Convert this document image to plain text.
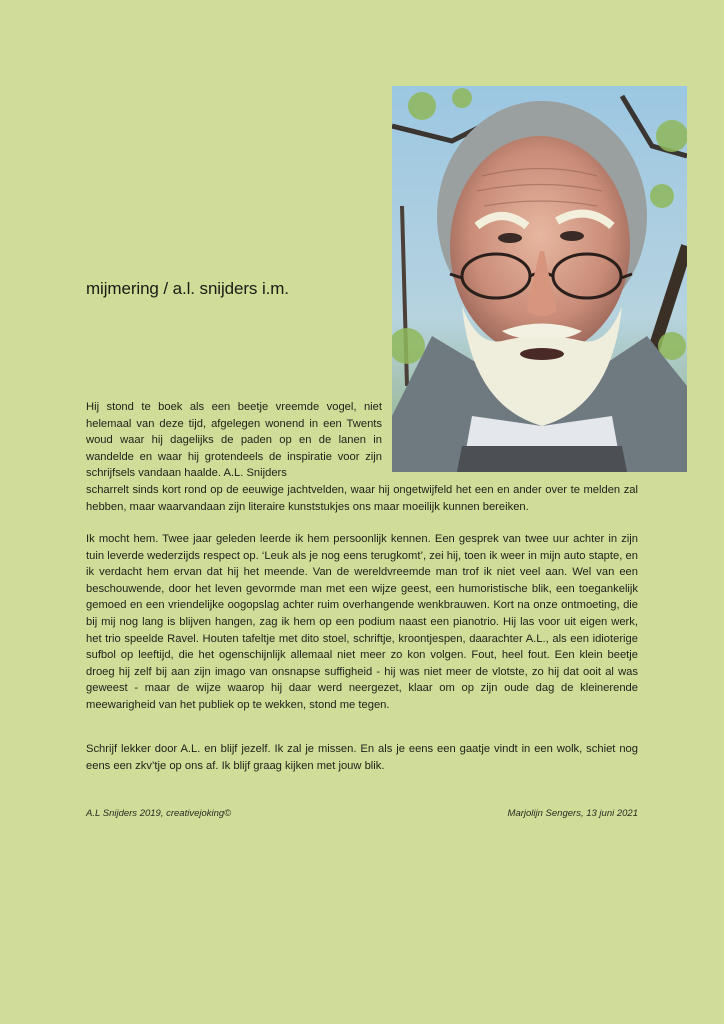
mijmering / a.l. snijders i.m.

Hij stond te boek als een beetje vreemde vogel, niet helemaal van deze tijd, afgelegen wonend in een Twents woud waar hij dagelijks de paden op en de lanen in wandelde en waar hij grotendeels de inspiratie voor zijn schrijfsels vandaan haalde. A.L. Snijders

scharrelt sinds kort rond op de eeuwige jachtvelden, waar hij ongetwijfeld het een en ander over te melden zal hebben, maar waarvandaan zijn literaire kunststukjes ons maar moeilijk kunnen bereiken.

Ik mocht hem. Twee jaar geleden leerde ik hem persoonlijk kennen. Een gesprek van twee uur achter in zijn tuin leverde wederzijds respect op. ‘Leuk als je nog eens terugkomt’, zei hij, toen ik weer in mijn auto stapte, en ik verdacht hem ervan dat hij het meende. Van de wereldvreemde man trof ik niet veel aan. Wel van een beschouwende, door het leven gevormde man met een wijze geest, een humoristische blik, een toegankelijk gemoed en een vriendelijke oogopslag achter ruim overhangende wenkbrauwen. Kort na onze ontmoeting, die bij mij nog lang is blijven hangen, zag ik hem op een podium naast een pianotrio. Hij las voor uit eigen werk, het trio speelde Ravel. Houten tafeltje met dito stoel, schriftje, kroontjespen, daarachter A.L., als een idioterige sufbol op leeftijd, die het ogenschijnlijk allemaal niet meer zo kon volgen. Fout, heel fout. Een klein beetje droeg hij zelf bij aan zijn imago van onsnapse suffigheid - hij was niet meer de vlotste, zo hij dat ooit al was geweest - maar de wijze waarop hij daar werd neergezet, klaar om op zijn oude dag de kleinerende meewarigheid van het publiek op te wekken, stond me tegen.

Schrijf lekker door A.L. en blijf jezelf. Ik zal je missen. En als je eens een gaatje vindt in een wolk, schiet nog eens een zkv’tje op ons af. Ik blijf graag kijken met jouw blik.

A.L Snijders 2019, creativejoking©	Marjolijn Sengers, 13 juni 2021
